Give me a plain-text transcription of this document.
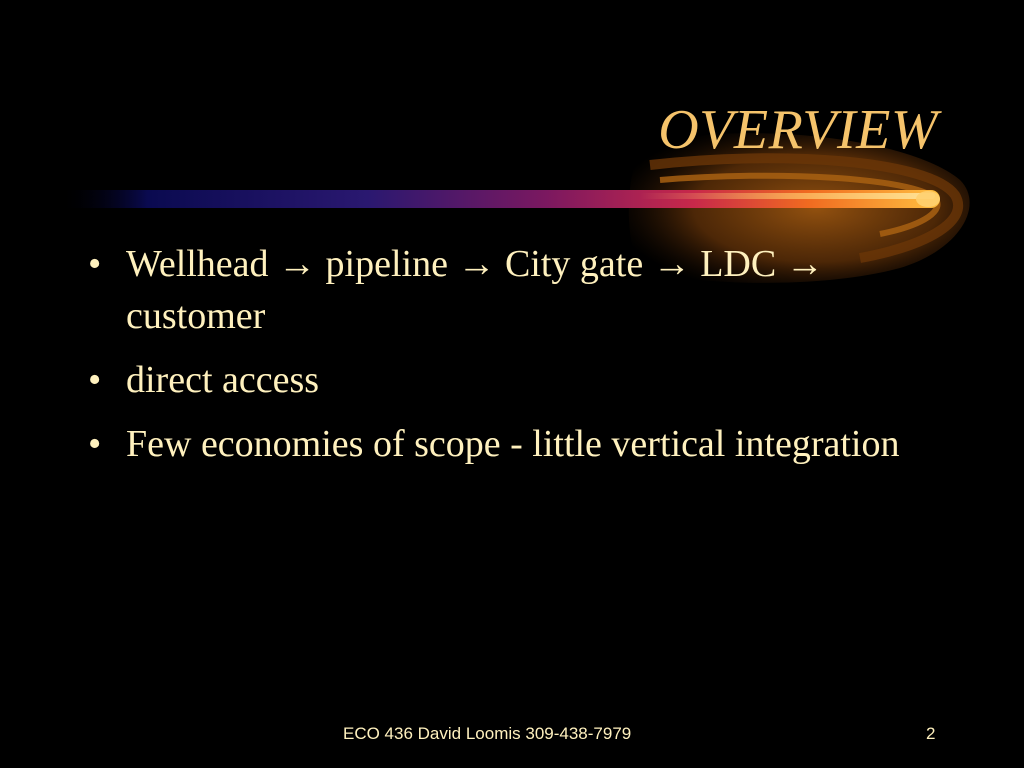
OVERVIEW
• Wellhead → pipeline → City gate → LDC → customer
• direct access
• Few economies of scope - little vertical integration
ECO 436 David Loomis 309-438-7979	2
